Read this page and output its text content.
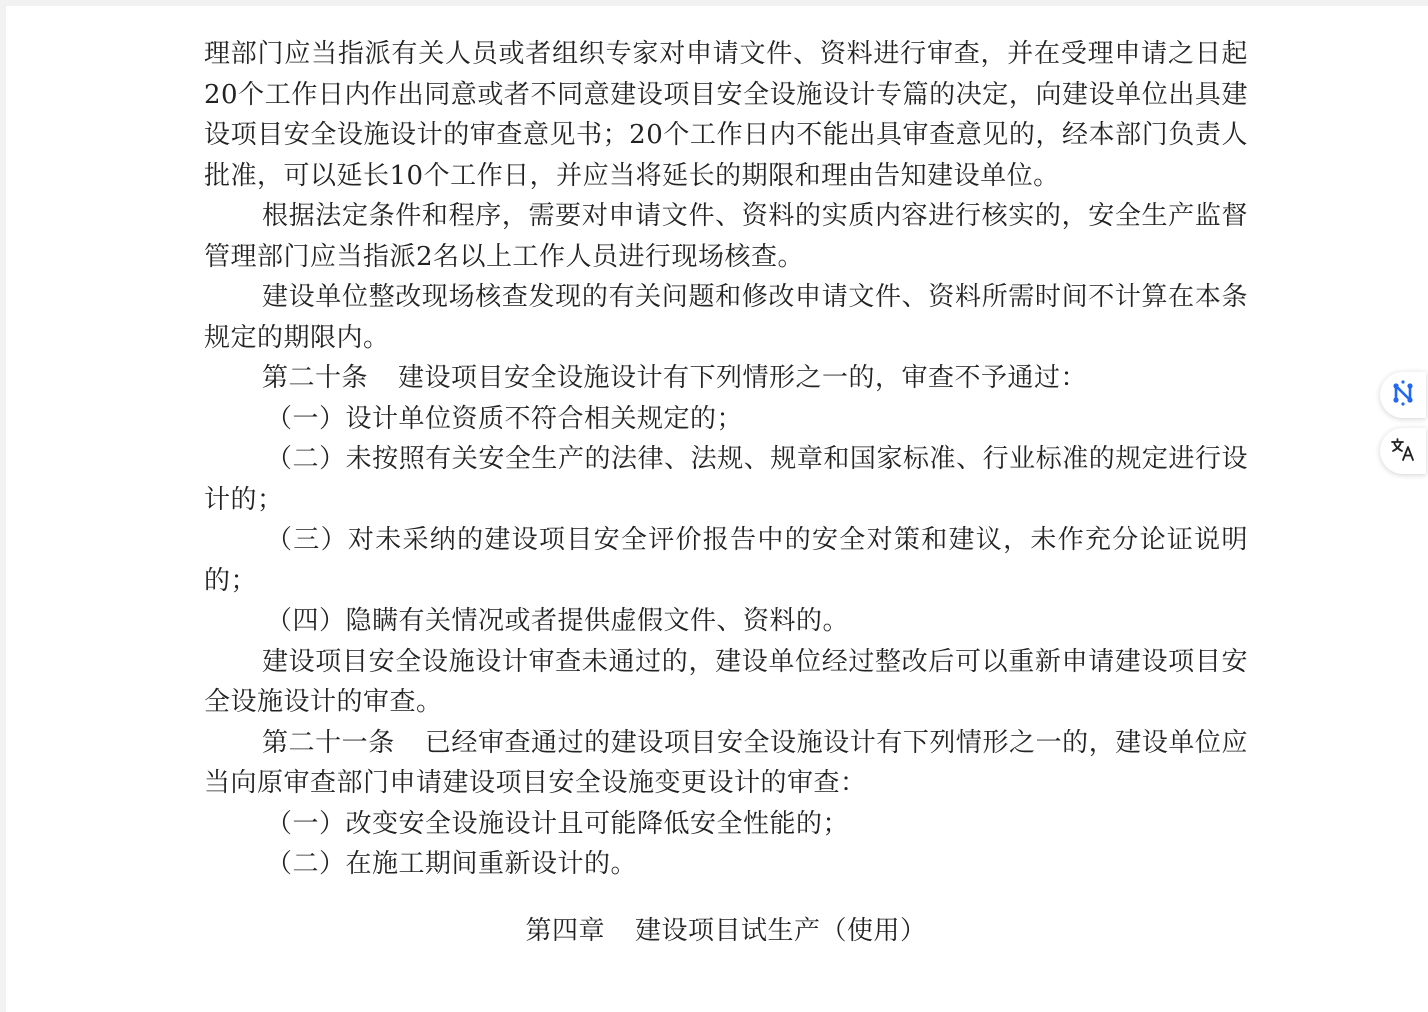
理部门应当指派有关人员或者组织专家对申请文件、资料进行审查，并在受理申请之日起20个工作日内作出同意或者不同意建设项目安全设施设计专篇的决定，向建设单位出具建设项目安全设施设计的审查意见书；20个工作日内不能出具审查意见的，经本部门负责人批准，可以延长10个工作日，并应当将延长的期限和理由告知建设单位。

根据法定条件和程序，需要对申请文件、资料的实质内容进行核实的，安全生产监督管理部门应当指派2名以上工作人员进行现场核查。

建设单位整改现场核查发现的有关问题和修改申请文件、资料所需时间不计算在本条规定的期限内。

第二十条 建设项目安全设施设计有下列情形之一的，审查不予通过：

（一）设计单位资质不符合相关规定的；

（二）未按照有关安全生产的法律、法规、规章和国家标准、行业标准的规定进行设计的；

（三）对未采纳的建设项目安全评价报告中的安全对策和建议，未作充分论证说明的；

（四）隐瞒有关情况或者提供虚假文件、资料的。

建设项目安全设施设计审查未通过的，建设单位经过整改后可以重新申请建设项目安全设施设计的审查。

第二十一条 已经审查通过的建设项目安全设施设计有下列情形之一的，建设单位应当向原审查部门申请建设项目安全设施变更设计的审查：

（一）改变安全设施设计且可能降低安全性能的；

（二）在施工期间重新设计的。

第四章 建设项目试生产（使用）
